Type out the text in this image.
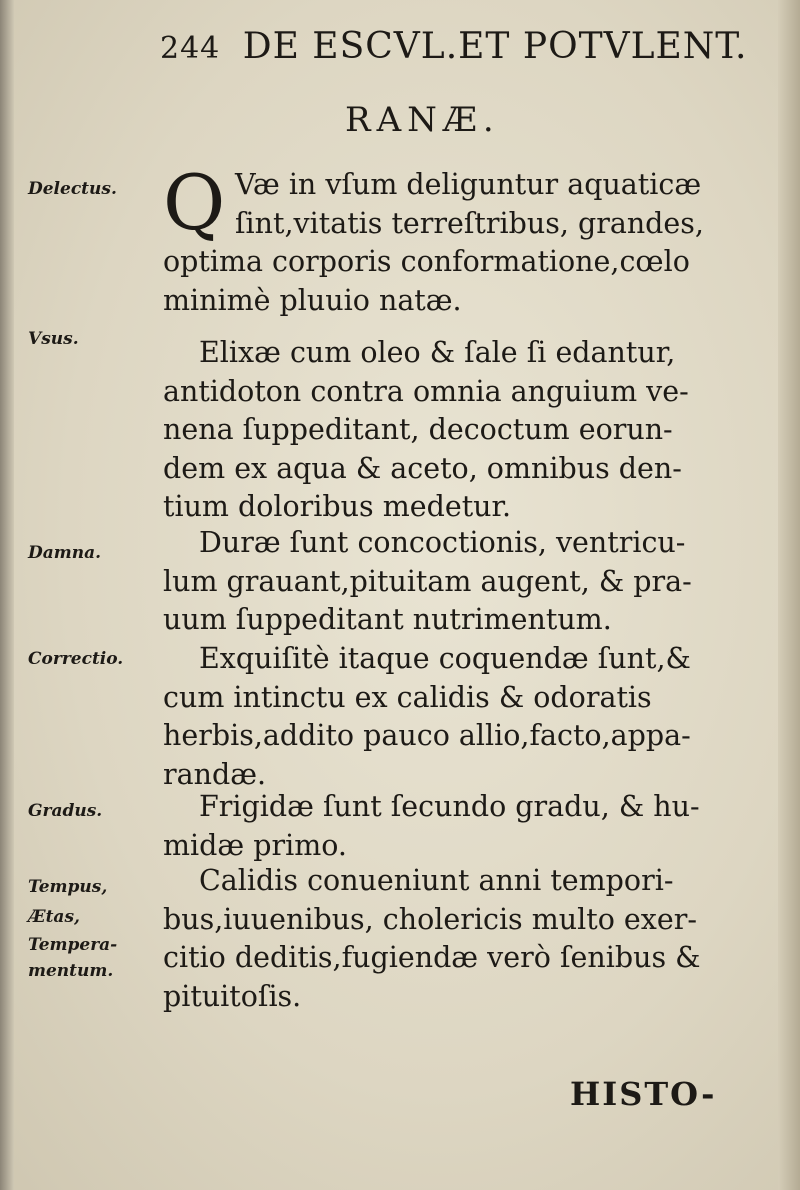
244 DE ESCVL.ET POTVLENT.
RANÆ.
Delectus.
Vsus.
Damna.
Correctio.
Gradus.
Tempus,
Ætas,
Tempera-
mentum.
Q Væ in vſum deliguntur aquaticæ
ſint,vitatis terreſtribus, grandes,
optima corporis conformatione,cœlo
minimè pluuio natæ.
Elixæ cum oleo & ſale ſi edantur,
antidoton contra omnia anguium ve-
nena ſuppeditant, decoctum eorun-
dem ex aqua & aceto, omnibus den-
tium doloribus medetur.
Duræ ſunt concoctionis, ventricu-
lum grauant,pituitam augent, & pra-
uum ſuppeditant nutrimentum.
Exquiſitè itaque coquendæ ſunt,&
cum intinctu ex calidis & odoratis
herbis,addito pauco allio,facto,appa-
randæ.
Frigidæ ſunt ſecundo gradu, & hu-
midæ primo.
Calidis conueniunt anni tempori-
bus,iuuenibus, cholericis multo exer-
citio deditis,fugiendæ verò ſenibus &
pituitoſis.
HISTO-
